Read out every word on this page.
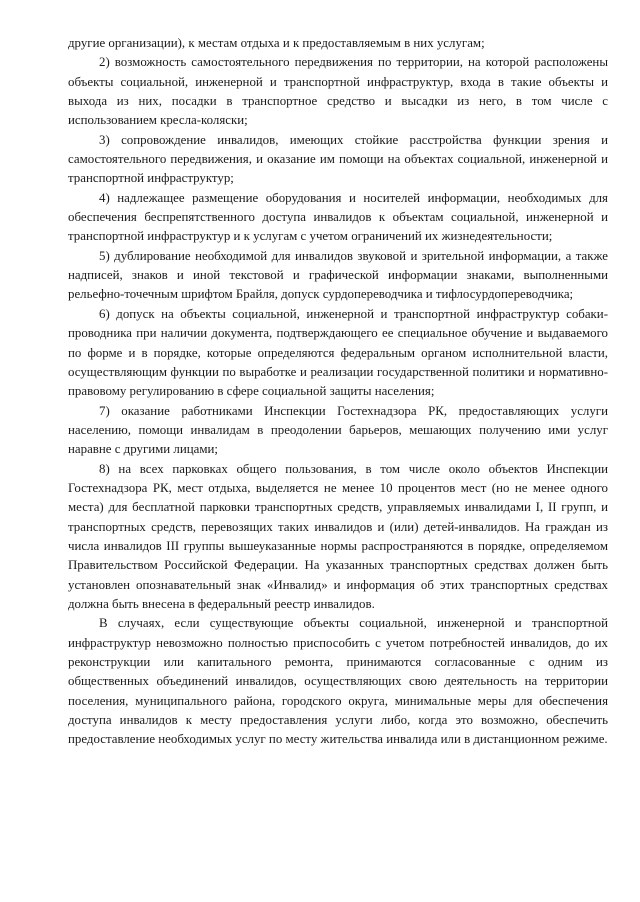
другие организации), к местам отдыха и к предоставляемым в них услугам;

2) возможность самостоятельного передвижения по территории, на которой расположены объекты социальной, инженерной и транспортной инфраструктур, входа в такие объекты и выхода из них, посадки в транспортное средство и высадки из него, в том числе с использованием кресла-коляски;

3) сопровождение инвалидов, имеющих стойкие расстройства функции зрения и самостоятельного передвижения, и оказание им помощи на объектах социальной, инженерной и транспортной инфраструктур;

4) надлежащее размещение оборудования и носителей информации, необходимых для обеспечения беспрепятственного доступа инвалидов к объектам социальной, инженерной и транспортной инфраструктур и к услугам с учетом ограничений их жизнедеятельности;

5) дублирование необходимой для инвалидов звуковой и зрительной информации, а также надписей, знаков и иной текстовой и графической информации знаками, выполненными рельефно-точечным шрифтом Брайля, допуск сурдопереводчика и тифлосурдопереводчика;

6) допуск на объекты социальной, инженерной и транспортной инфраструктур собаки-проводника при наличии документа, подтверждающего ее специальное обучение и выдаваемого по форме и в порядке, которые определяются федеральным органом исполнительной власти, осуществляющим функции по выработке и реализации государственной политики и нормативно-правовому регулированию в сфере социальной защиты населения;

7) оказание работниками Инспекции Гостехнадзора РК, предоставляющих услуги населению, помощи инвалидам в преодолении барьеров, мешающих получению ими услуг наравне с другими лицами;

8) на всех парковках общего пользования, в том числе около объектов Инспекции Гостехнадзора РК, мест отдыха, выделяется не менее 10 процентов мест (но не менее одного места) для бесплатной парковки транспортных средств, управляемых инвалидами I, II групп, и транспортных средств, перевозящих таких инвалидов и (или) детей-инвалидов. На граждан из числа инвалидов III группы вышеуказанные нормы распространяются в порядке, определяемом Правительством Российской Федерации. На указанных транспортных средствах должен быть установлен опознавательный знак «Инвалид» и информация об этих транспортных средствах должна быть внесена в федеральный реестр инвалидов.

В случаях, если существующие объекты социальной, инженерной и транспортной инфраструктур невозможно полностью приспособить с учетом потребностей инвалидов, до их реконструкции или капитального ремонта, принимаются согласованные с одним из общественных объединений инвалидов, осуществляющих свою деятельность на территории поселения, муниципального района, городского округа, минимальные меры для обеспечения доступа инвалидов к месту предоставления услуги либо, когда это возможно, обеспечить предоставление необходимых услуг по месту жительства инвалида или в дистанционном режиме.
